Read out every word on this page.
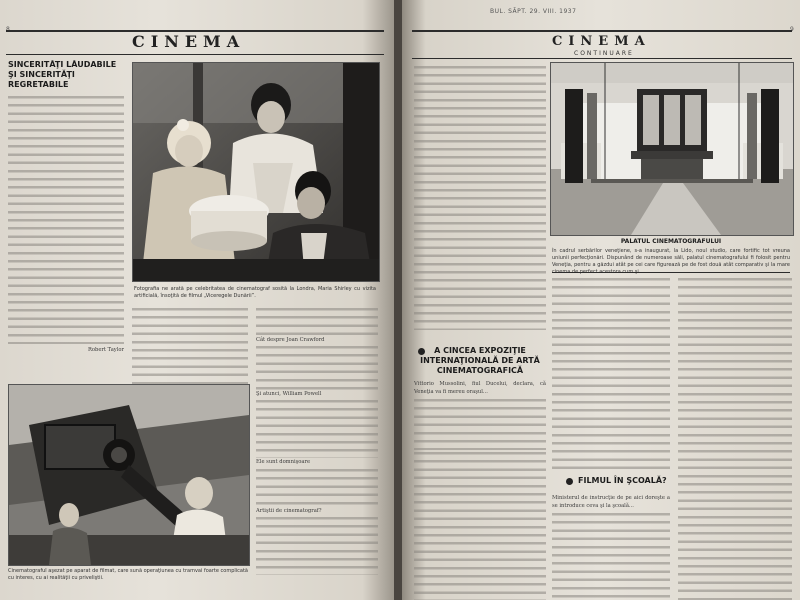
8
CINEMA
SINCERITĂŢI LĂUDABILE ŞI SINCERITĂŢI REGRETABILE
Robert Taylor
Fotografia ne arată pe celebritatea de cinematograf sosită la Londra, Maria Shirley cu vizita artificială, însoţită de filmul „Viceregele Dunării”.
Cât despre Joan Crawford
Şi atunci, William Powell
Ele sunt domnişoare
Artiştii de cinematograf?
Cinematograful aşezat pe aparat de filmat, care sună operaţiunea cu tramvai foarte complicată cu interes, cu ai realităţii cu priveliştii.
BUL. SĂPT. 29. VIII. 1937
9
CINEMA
CONTINUARE
PALATUL CINEMATOGRAFULUI
în cadrul serbărilor veneţiene, s-a inaugurat, la Lido, noul studio, care fortific tot vreuna uniunii perfecţionări. Dispunând de numeroase săli, palatul cinematografului fi folosit pentru Veneţia, pentru a găzdui atât pe cei care figurează pe de fost două atât comparativ şi la mare cinema de perfect acestora cum şi.
A CINCEA EXPOZIŢIE INTERNAŢIONALĂ DE ARTĂ CINEMATOGRAFICĂ
Vittorio Mussolini, fiul Ducelui, declara, că Veneţia va fi mereu oraşul...
FILMUL ÎN ŞCOALĂ?
Ministerul de instrucţie de pe aici doreşte a se introduce ceva şi la şcoală...
